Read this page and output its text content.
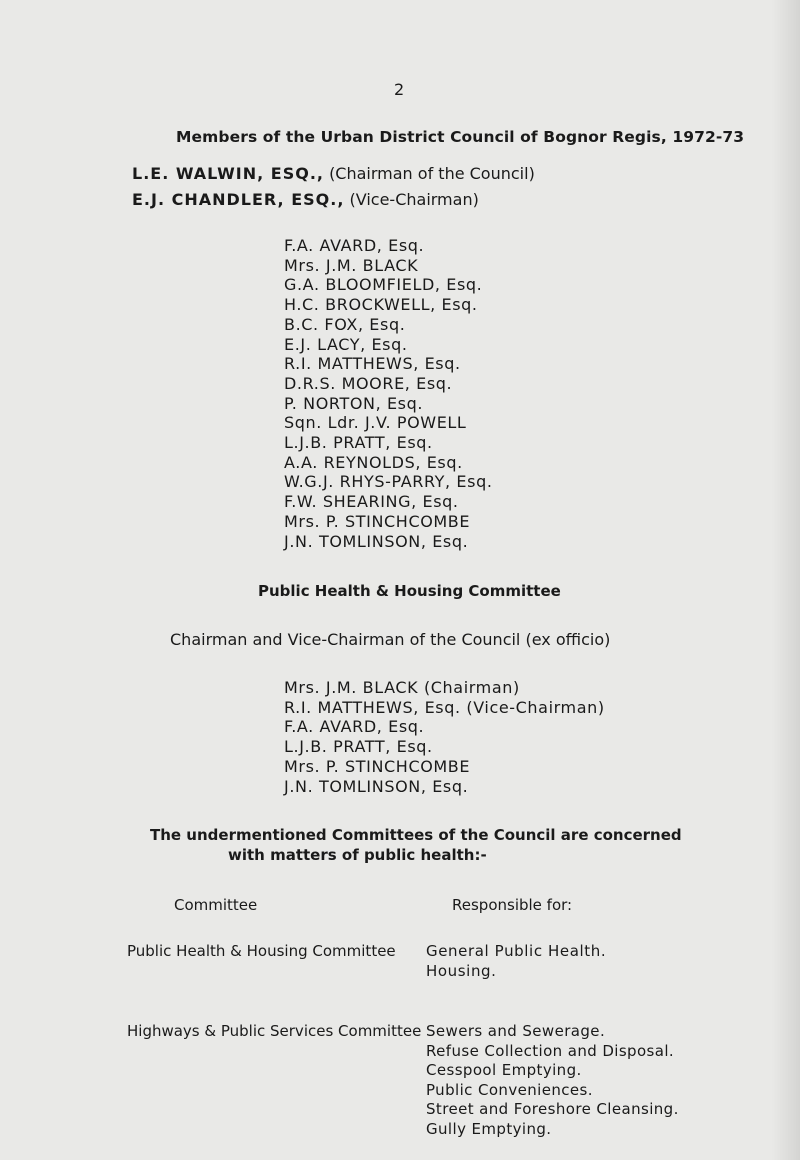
2
Members of the Urban District Council of Bognor Regis, 1972-73
L.E. WALWIN, ESQ., (Chairman of the Council)
E.J. CHANDLER, ESQ., (Vice-Chairman)
F.A. AVARD, Esq.
Mrs. J.M. BLACK
G.A. BLOOMFIELD, Esq.
H.C. BROCKWELL, Esq.
B.C. FOX, Esq.
E.J. LACY, Esq.
R.I. MATTHEWS, Esq.
D.R.S. MOORE, Esq.
P. NORTON, Esq.
Sqn. Ldr. J.V. POWELL
L.J.B. PRATT, Esq.
A.A. REYNOLDS, Esq.
W.G.J. RHYS-PARRY, Esq.
F.W. SHEARING, Esq.
Mrs. P. STINCHCOMBE
J.N. TOMLINSON, Esq.
Public Health & Housing Committee
Chairman and Vice-Chairman of the Council (ex officio)
Mrs. J.M. BLACK (Chairman)
R.I. MATTHEWS, Esq. (Vice-Chairman)
F.A. AVARD, Esq.
L.J.B. PRATT, Esq.
Mrs. P. STINCHCOMBE
J.N. TOMLINSON, Esq.
The undermentioned Committees of the Council are concerned
with matters of public health:-
Committee	Responsible for:
Public Health & Housing Committee General Public Health.
Housing.
Highways & Public Services Committee Sewers and Sewerage.
Refuse Collection and Disposal.
Cesspool Emptying.
Public Conveniences.
Street and Foreshore Cleansing.
Gully Emptying.
